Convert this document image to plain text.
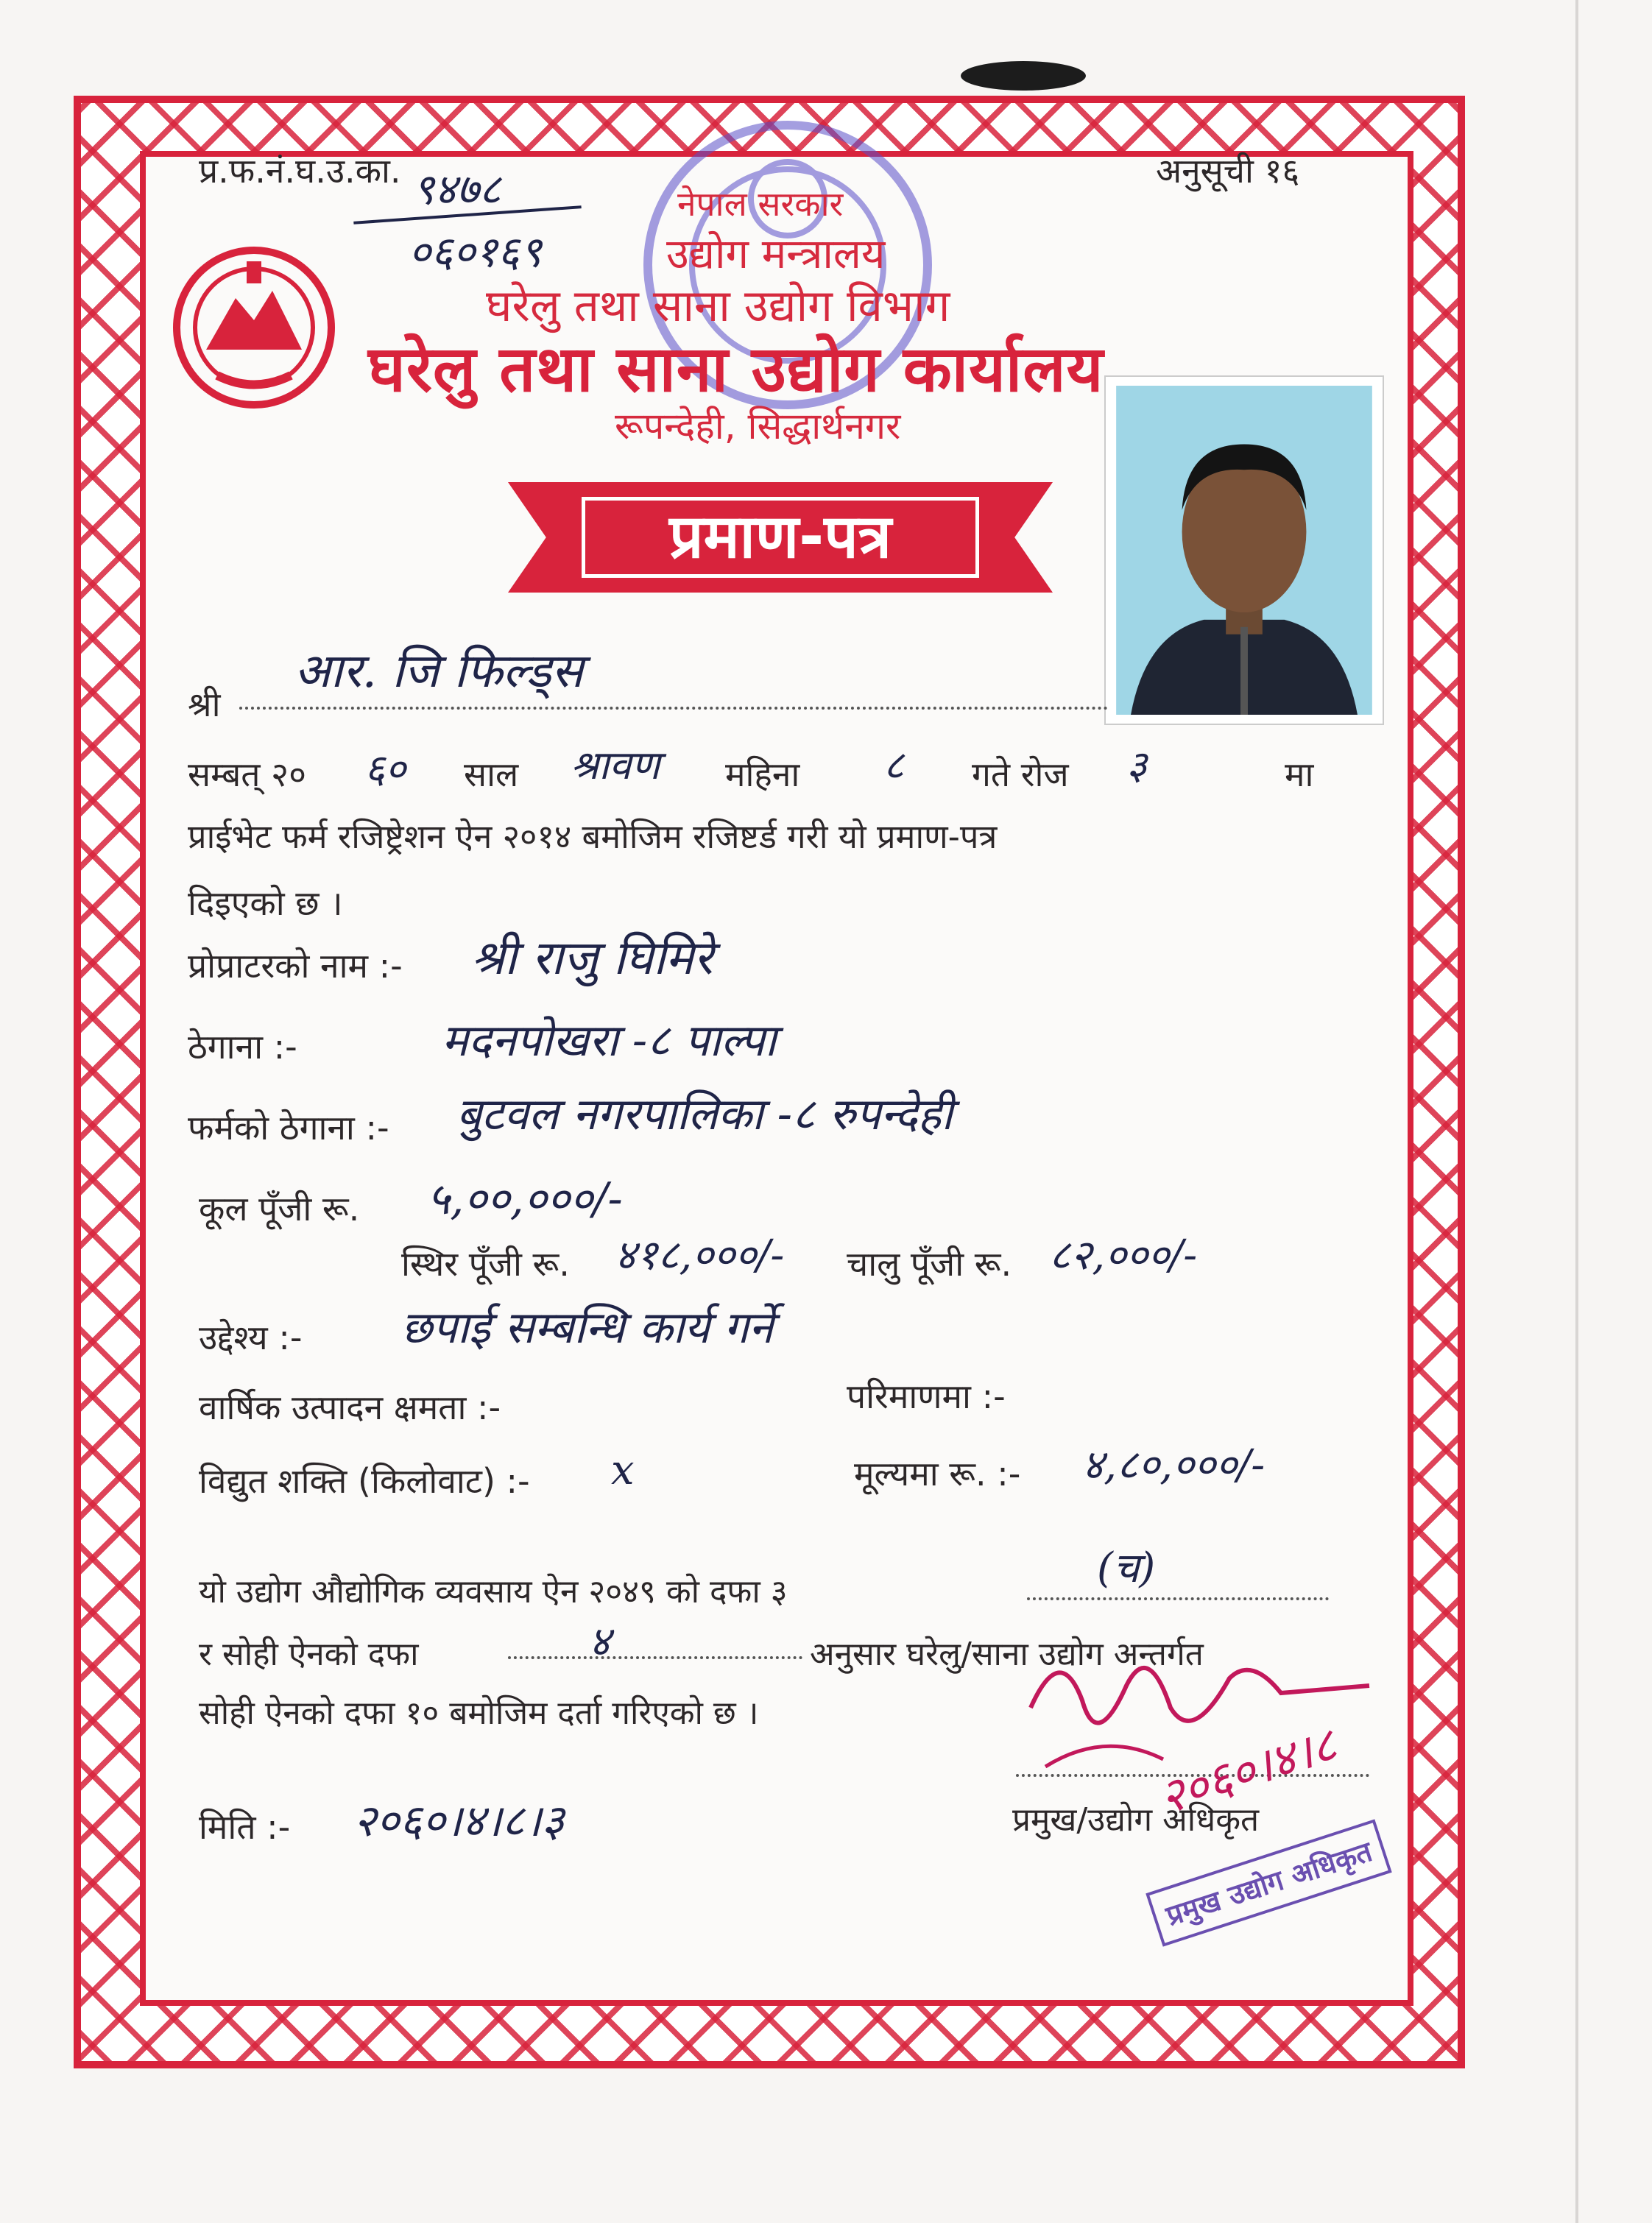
प्र.फ.नं.घ.उ.का.	अनुसूची १६
९४७८
०६०१६९
नेपाल सरकार
उद्योग मन्त्रालय
घरेलु तथा साना उद्योग विभाग
घरेलु तथा साना उद्योग कार्यालय
रूपन्देही, सिद्धार्थनगर
प्रमाण-पत्र
श्री
आर. जि फिल्ड्स
सम्बत् २० ६० साल श्रावण महिना ८ गते रोज ३	मा
प्राईभेट फर्म रजिष्ट्रेशन ऐन २०१४ बमोजिम रजिष्टर्ड गरी यो प्रमाण-पत्र
दिइएको छ ।
प्रोप्राटरको नाम :- श्री राजु घिमिरे
ठेगाना :-	मदनपोखरा -८ पाल्पा
फर्मको ठेगाना :- बुटवल नगरपालिका -८ रुपन्देही
कूल पूँजी रू. ५,००,०००/-
स्थिर पूँजी रू. ४१८,०००/- चालु पूँजी रू. ८२,०००/-
उद्देश्य :- छपाई सम्बन्धि कार्य गर्ने
वार्षिक उत्पादन क्षमता :-	परिमाणमा :-
विद्युत शक्ति (किलोवाट) :- x	मूल्यमा रू. :- ४,८०,०००/-
यो उद्योग औद्योगिक व्यवसाय ऐन २०४९ को दफा ३	(च)
र सोही ऐनको दफा	४	अनुसार घरेलु/साना उद्योग अन्तर्गत
सोही ऐनको दफा १० बमोजिम दर्ता गरिएको छ ।
मिति :- २०६०।४।८।३	प्रमुख/उद्योग अधिकृत
२०६०।४।८
प्रमुख उद्योग अधिकृत
